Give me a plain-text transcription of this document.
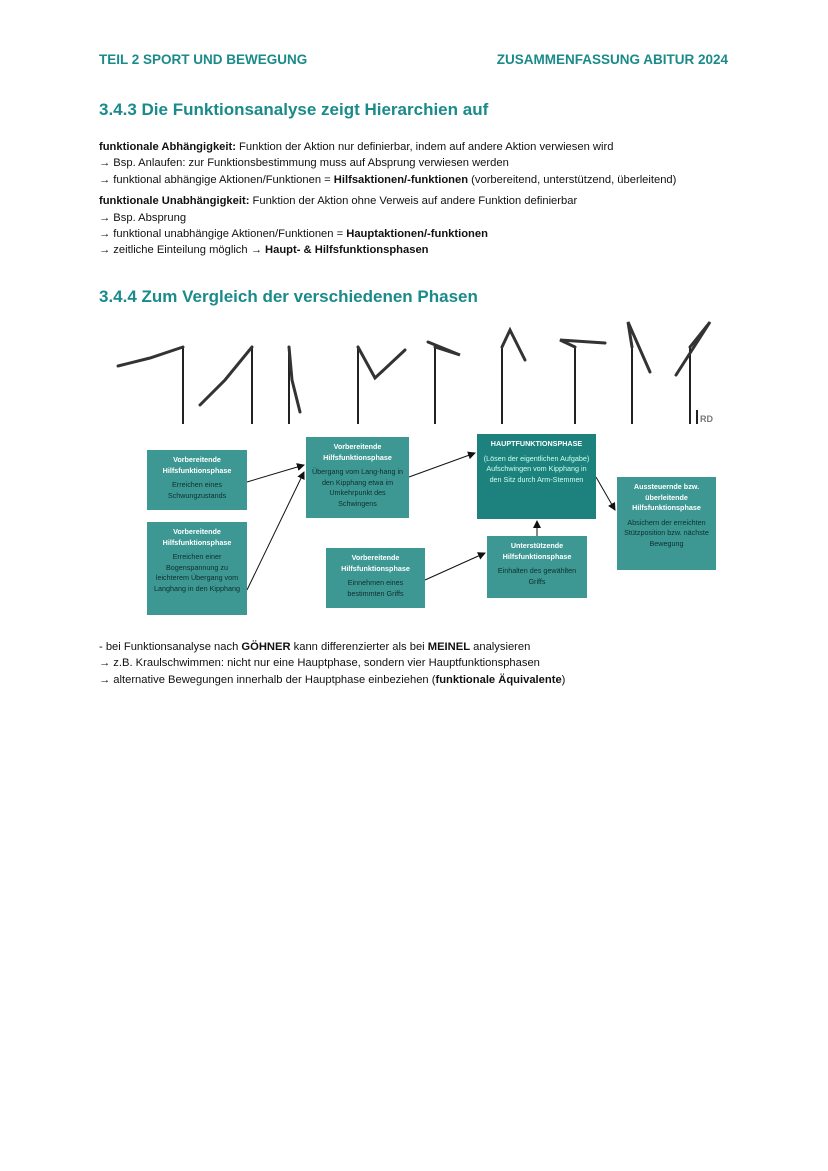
TEIL 2 SPORT UND BEWEGUNG	ZUSAMMENFASSUNG ABITUR 2024
3.4.3 Die Funktionsanalyse zeigt Hierarchien auf

funktionale Abhängigkeit: Funktion der Aktion nur definierbar, indem auf andere Aktion verwiesen wird

→ Bsp. Anlaufen: zur Funktionsbestimmung muss auf Absprung verwiesen werden

→ funktional abhängige Aktionen/Funktionen = Hilfsaktionen/-funktionen (vorbereitend, unterstützend, überleitend)

funktionale Unabhängigkeit: Funktion der Aktion ohne Verweis auf andere Funktion definierbar

→ Bsp. Absprung

→ funktional unabhängige Aktionen/Funktionen = Hauptaktionen/-funktionen

→ zeitliche Einteilung möglich → Haupt- & Hilfsfunktionsphasen

3.4.4 Zum Vergleich der verschiedenen Phasen
RD
Vorbereitende Hilfsfunktionsphase
Erreichen eines Schwungzustands
Vorbereitende Hilfsfunktionsphase
Erreichen einer Bogenspannung zu leichterem Übergang vom Langhang in den Kipphang
Vorbereitende Hilfsfunktionsphase
Übergang vom Lang-hang in den Kipphang etwa im Umkehrpunkt des Schwingens
Vorbereitende Hilfsfunktionsphase
Einnehmen eines bestimmten Griffs
HAUPTFUNKTIONSPHASE
(Lösen der eigentlichen Aufgabe) Aufschwingen vom Kipphang in den Sitz durch Arm-Stemmen
Unterstützende Hilfsfunktionsphase
Einhalten des gewählten Griffs
Aussteuernde bzw. überleitende Hilfsfunktionsphase
Absichern der erreichten Stützposition bzw. nächste Bewegung

- bei Funktionsanalyse nach GÖHNER kann differenzierter als bei MEINEL analysieren

→ z.B. Kraulschwimmen: nicht nur eine Hauptphase, sondern vier Hauptfunktionsphasen

→ alternative Bewegungen innerhalb der Hauptphase einbeziehen (funktionale Äquivalente)
